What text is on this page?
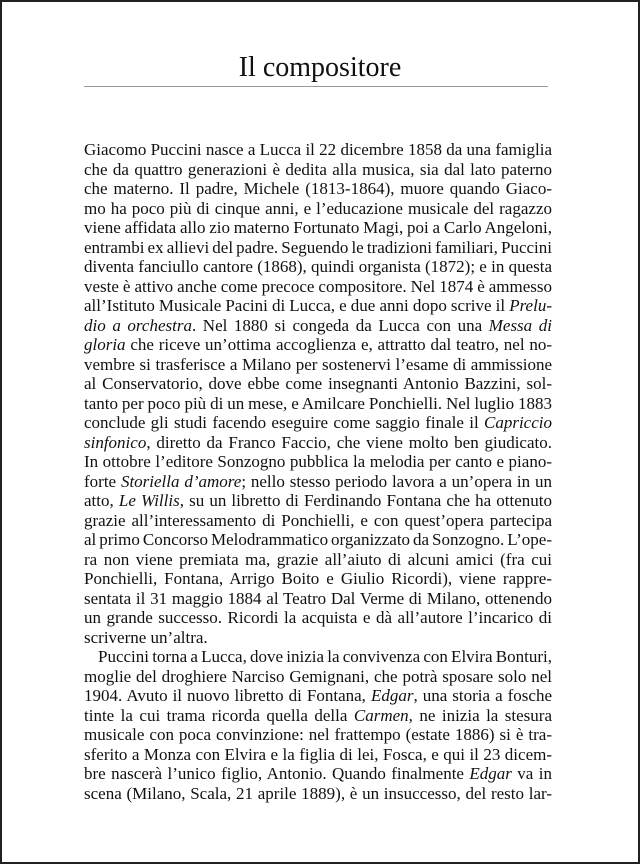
Il compositore
Giacomo Puccini nasce a Lucca il 22 dicembre 1858 da una famiglia
che da quattro generazioni è dedita alla musica, sia dal lato paterno
che materno. Il padre, Michele (1813-1864), muore quando Giaco-
mo ha poco più di cinque anni, e l’educazione musicale del ragazzo
viene affidata allo zio materno Fortunato Magi, poi a Carlo Angeloni,
entrambi ex allievi del padre. Seguendo le tradizioni familiari, Puccini
diventa fanciullo cantore (1868), quindi organista (1872); e in questa
veste è attivo anche come precoce compositore. Nel 1874 è ammesso
all’Istituto Musicale Pacini di Lucca, e due anni dopo scrive il Prelu-
dio a orchestra. Nel 1880 si congeda da Lucca con una Messa di
gloria che riceve un’ottima accoglienza e, attratto dal teatro, nel no-
vembre si trasferisce a Milano per sostenervi l’esame di ammissione
al Conservatorio, dove ebbe come insegnanti Antonio Bazzini, sol-
tanto per poco più di un mese, e Amilcare Ponchielli. Nel luglio 1883
conclude gli studi facendo eseguire come saggio finale il Capriccio
sinfonico, diretto da Franco Faccio, che viene molto ben giudicato.
In ottobre l’editore Sonzogno pubblica la melodia per canto e piano-
forte Storiella d’amore; nello stesso periodo lavora a un’opera in un
atto, Le Willis, su un libretto di Ferdinando Fontana che ha ottenuto
grazie all’interessamento di Ponchielli, e con quest’opera partecipa
al primo Concorso Melodrammatico organizzato da Sonzogno. L’ope-
ra non viene premiata ma, grazie all’aiuto di alcuni amici (fra cui
Ponchielli, Fontana, Arrigo Boito e Giulio Ricordi), viene rappre-
sentata il 31 maggio 1884 al Teatro Dal Verme di Milano, ottenendo
un grande successo. Ricordi la acquista e dà all’autore l’incarico di
scriverne un’altra.
Puccini torna a Lucca, dove inizia la convivenza con Elvira Bonturi,
moglie del droghiere Narciso Gemignani, che potrà sposare solo nel
1904. Avuto il nuovo libretto di Fontana, Edgar, una storia a fosche
tinte la cui trama ricorda quella della Carmen, ne inizia la stesura
musicale con poca convinzione: nel frattempo (estate 1886) si è tra-
sferito a Monza con Elvira e la figlia di lei, Fosca, e qui il 23 dicem-
bre nascerà l’unico figlio, Antonio. Quando finalmente Edgar va in
scena (Milano, Scala, 21 aprile 1889), è un insuccesso, del resto lar-
